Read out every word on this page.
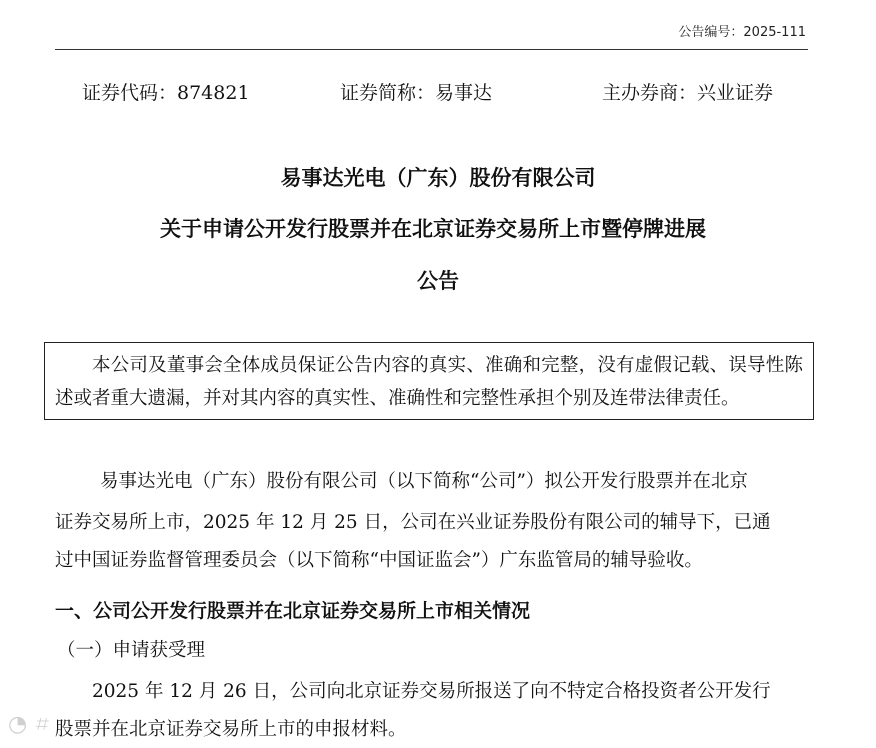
公告编号：2025-111
证券代码：874821	证券简称：易事达	主办券商：兴业证券
易事达光电（广东）股份有限公司
关于申请公开发行股票并在北京证券交易所上市暨停牌进展
公告

本公司及董事会全体成员保证公告内容的真实、准确和完整，没有虚假记载、误导性陈述或者重大遗漏，并对其内容的真实性、准确性和完整性承担个别及连带法律责任。

易事达光电（广东）股份有限公司（以下简称“公司”）拟公开发行股票并在北京
证券交易所上市，2025 年 12 月 25 日，公司在兴业证券股份有限公司的辅导下，已通
过中国证券监督管理委员会（以下简称“中国证监会”）广东监管局的辅导验收。
一、公司公开发行股票并在北京证券交易所上市相关情况
（一）申请获受理
2025 年 12 月 26 日，公司向北京证券交易所报送了向不特定合格投资者公开发行
股票并在北京证券交易所上市的申报材料。
◔ ⌗
